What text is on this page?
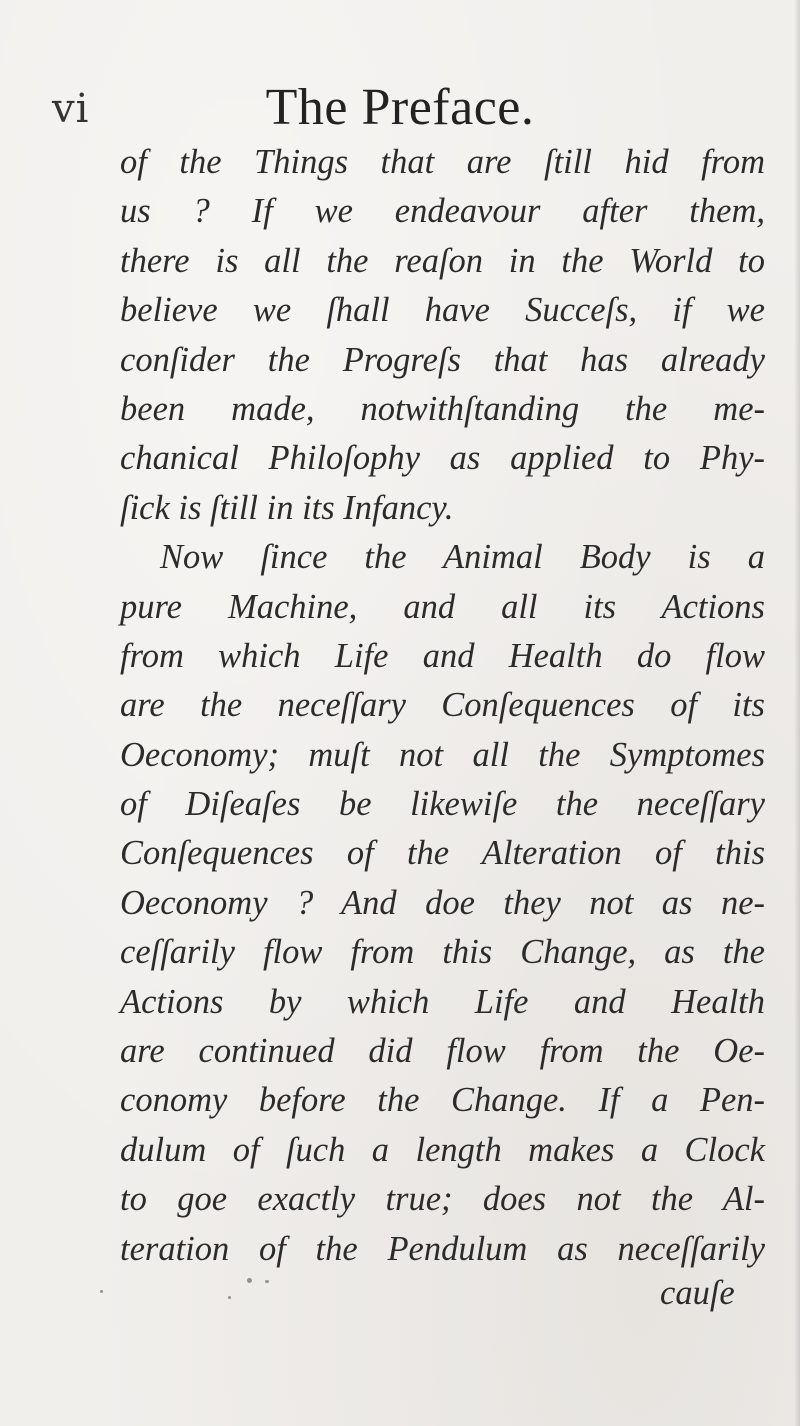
vi	The Preface.
of the Things that are ſtill hid from
us ? If we endeavour after them,
there is all the reaſon in the World to
believe we ſhall have Succeſs, if we
conſider the Progreſs that has already
been made, notwithſtanding the me-
chanical Philoſophy as applied to Phy-
ſick is ſtill in its Infancy.
Now ſince the Animal Body is a
pure Machine, and all its Actions
from which Life and Health do flow
are the neceſſary Conſequences of its
Oeconomy; muſt not all the Symptomes
of Diſeaſes be likewiſe the neceſſary
Conſequences of the Alteration of this
Oeconomy ? And doe they not as ne-
ceſſarily flow from this Change, as the
Actions by which Life and Health
are continued did flow from the Oe-
conomy before the Change. If a Pen-
dulum of ſuch a length makes a Clock
to goe exactly true; does not the Al-
teration of the Pendulum as neceſſarily
cauſe
